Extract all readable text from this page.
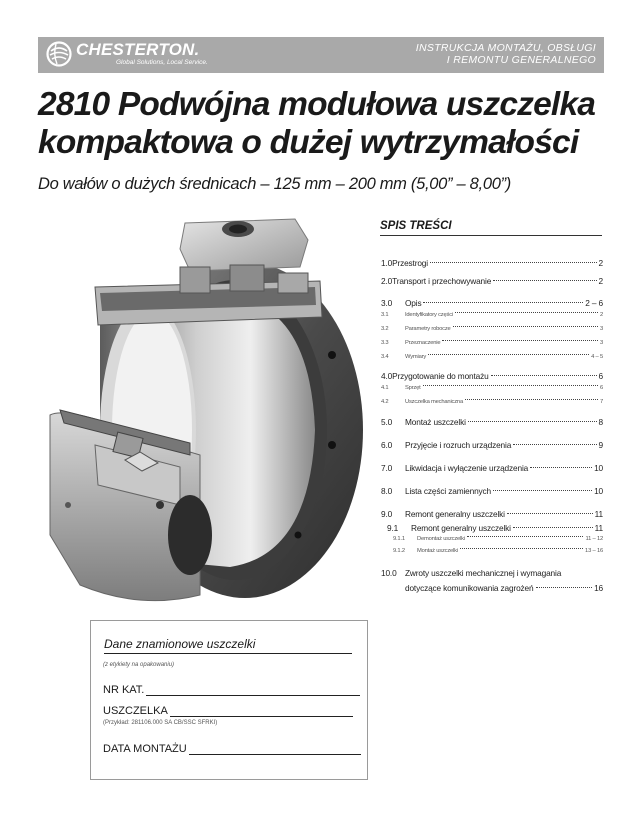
CHESTERTON.
Global Solutions, Local Service.
INSTRUKCJA MONTAŻU, OBSŁUGI
I REMONTU GENERALNEGO
2810 Podwójna modułowa uszczelka
kompaktowa o dużej wytrzymałości
Do wałów o dużych średnicach – 125 mm – 200 mm (5,00” – 8,00”)
SPIS TREŚCI
1.0 Przestrogi	2
2.0 Transport i przechowywanie	2
3.0	Opis	2 – 6
3.1	Identyfikatory części	2
3.2	Parametry robocze	3
3.3	Przeznaczenie	3
3.4	Wymiary	4 – 5
4.0 Przygotowanie do montażu	6
4.1	Sprzęt	6
4.2	Uszczelka mechaniczna	7
5.0	Montaż uszczelki	8
6.0	Przyjęcie i rozruch urządzenia	9
7.0	Likwidacja i wyłączenie urządzenia	10
8.0	Lista części zamiennych	10
9.0	Remont generalny uszczelki	11
9.1	Remont generalny uszczelki	11
9.1.1	Demontaż uszczelki	11 – 12
9.1.2	Montaż uszczelki	13 – 16
10.0	Zwroty uszczelki mechanicznej i wymagania
dotyczące komunikowania zagrożeń	16
Dane znamionowe uszczelki
(z etykiety na opakowaniu)
NR KAT.
USZCZELKA
(Przykład: 281106.000 SA CB/SSC SFRKI)
DATA MONTAŻU
